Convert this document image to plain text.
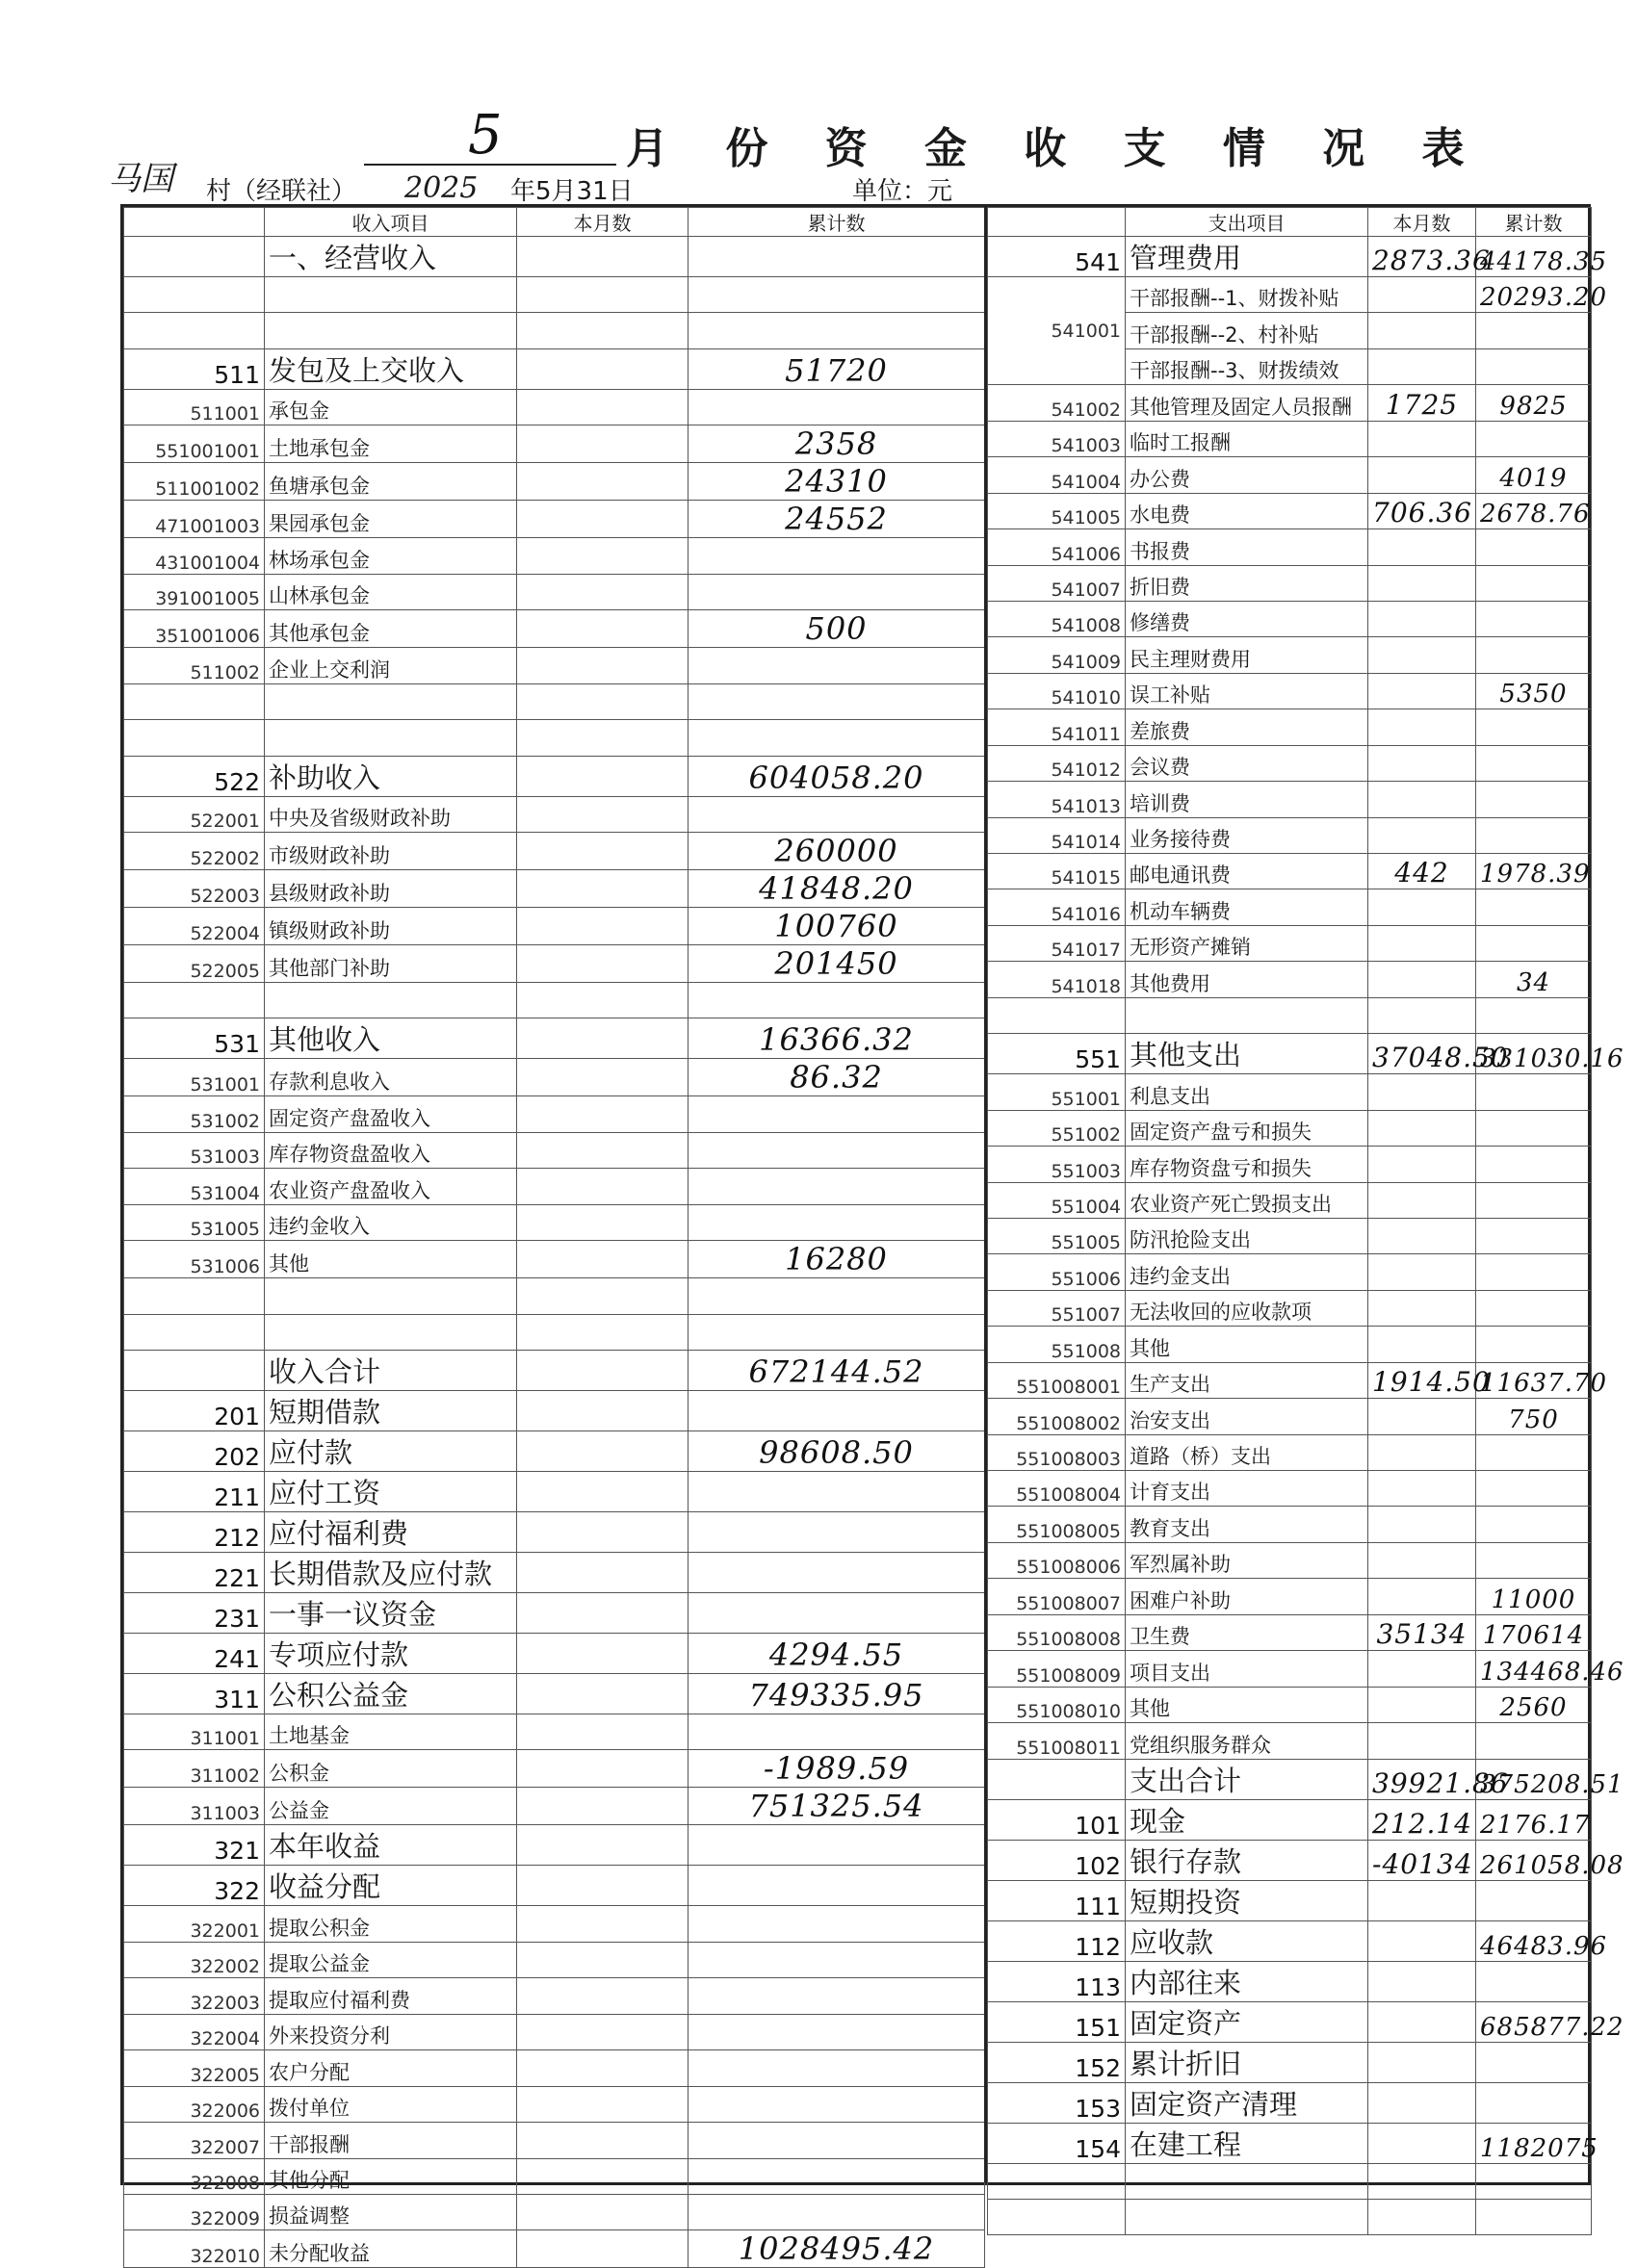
5	月 份 资 金 收 支 情 况 表
马国 村（经联社） 2025 年5月31日	单位：元
	收入项目	本月数	累计数
	一、经营收入		

511	发包及上交收入		51720
511001	承包金		
551001001	土地承包金		2358
511001002	鱼塘承包金		24310
471001003	果园承包金		24552
431001004	林场承包金		
391001005	山林承包金		
351001006	其他承包金		500
511002	企业上交利润		

522	补助收入		604058.20
522001	中央及省级财政补助		
522002	市级财政补助		260000
522003	县级财政补助		41848.20
522004	镇级财政补助		100760
522005	其他部门补助		201450

531	其他收入		16366.32
531001	存款利息收入		86.32
531002	固定资产盘盈收入		
531003	库存物资盘盈收入		
531004	农业资产盘盈收入		
531005	违约金收入		
531006	其他		16280

	收入合计		672144.52
201	短期借款		
202	应付款		98608.50
211	应付工资		
212	应付福利费		
221	长期借款及应付款		
231	一事一议资金		
241	专项应付款		4294.55
311	公积公益金		749335.95
311001	土地基金		
311002	公积金		-1989.59
311003	公益金		751325.54
321	本年收益		
322	收益分配		
322001	提取公积金		
322002	提取公益金		
322003	提取应付福利费		
322004	外来投资分利		
322005	农户分配		
322006	拨付单位		
322007	干部报酬		
322008	其他分配		
322009	损益调整		
322010	未分配收益		1028495.42
	支出项目	本月数	累计数
541	管理费用	2873.36	44178.35
541001	干部报酬--1、财拨补贴		20293.20
	干部报酬--2、村补贴		
	干部报酬--3、财拨绩效		
541002	其他管理及固定人员报酬	1725	9825
541003	临时工报酬		
541004	办公费		4019
541005	水电费	706.36	2678.76
541006	书报费		
541007	折旧费		
541008	修缮费		
541009	民主理财费用		
541010	误工补贴		5350
541011	差旅费		
541012	会议费		
541013	培训费		
541014	业务接待费		
541015	邮电通讯费	442	1978.39
541016	机动车辆费		
541017	无形资产摊销		
541018	其他费用		34

551	其他支出	37048.50	331030.16
551001	利息支出		
551002	固定资产盘亏和损失		
551003	库存物资盘亏和损失		
551004	农业资产死亡毁损支出		
551005	防汛抢险支出		
551006	违约金支出		
551007	无法收回的应收款项		
551008	其他		
551008001	生产支出	1914.50	11637.70
551008002	治安支出		750
551008003	道路（桥）支出		
551008004	计育支出		
551008005	教育支出		
551008006	军烈属补助		
551008007	困难户补助		11000
551008008	卫生费	35134	170614
551008009	项目支出		134468.46
551008010	其他		2560
551008011	党组织服务群众		
	支出合计	39921.86	375208.51
101	现金	212.14	2176.17
102	银行存款	-40134	261058.08
111	短期投资		
112	应收款		46483.96
113	内部往来		
151	固定资产		685877.22
152	累计折旧		
153	固定资产清理		
154	在建工程		1182075
